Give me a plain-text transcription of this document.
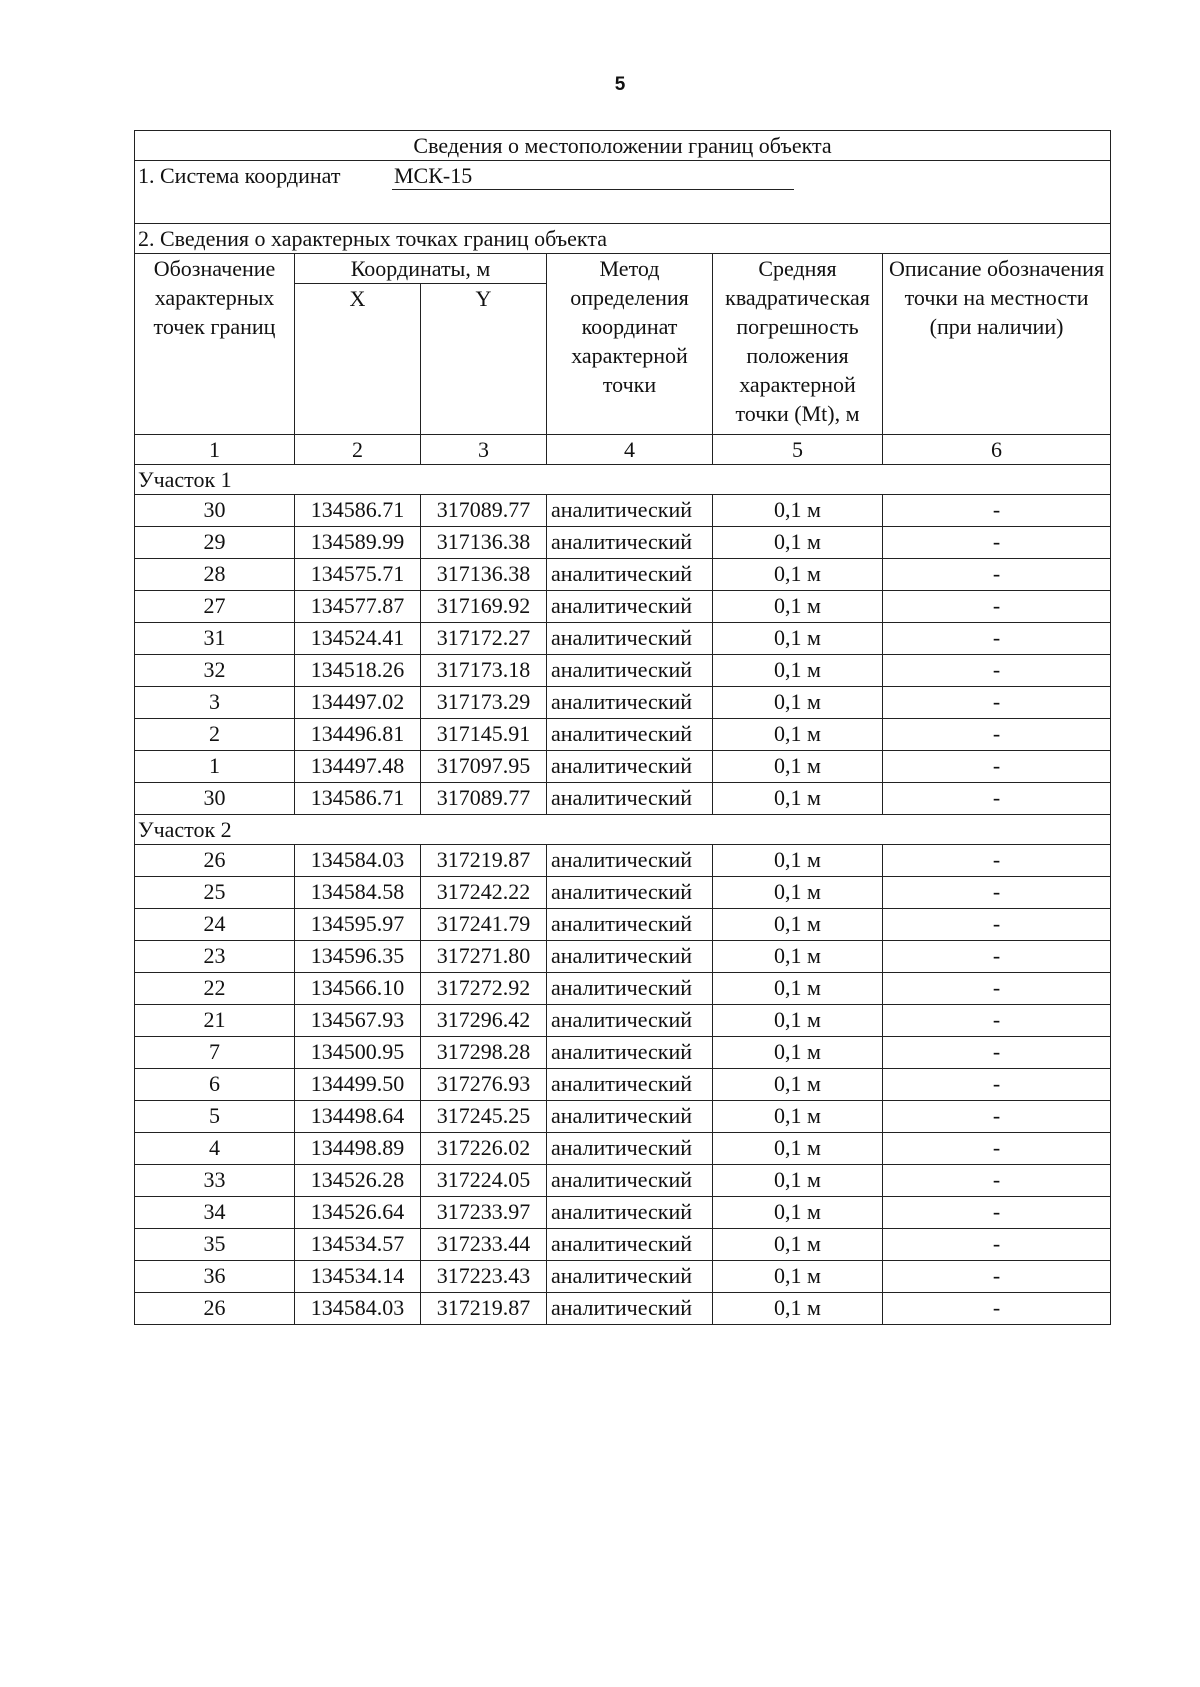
5
Сведения о местоположении границ объекта					
1. Система координат МСК-15					
2. Сведения о характерных точках границ объекта					
Обозначение характерных точек границ	Координаты, м		Метод определения координат характерной точки	Средняя квадратическая погрешность положения характерной точки (Mt), м	Описание обозначения точки на местности (при наличии)
	X	Y			
1	2	3	4	5	6
Участок 1					
30	134586.71	317089.77	аналитический	0,1 м	-
29	134589.99	317136.38	аналитический	0,1 м	-
28	134575.71	317136.38	аналитический	0,1 м	-
27	134577.87	317169.92	аналитический	0,1 м	-
31	134524.41	317172.27	аналитический	0,1 м	-
32	134518.26	317173.18	аналитический	0,1 м	-
3	134497.02	317173.29	аналитический	0,1 м	-
2	134496.81	317145.91	аналитический	0,1 м	-
1	134497.48	317097.95	аналитический	0,1 м	-
30	134586.71	317089.77	аналитический	0,1 м	-
Участок 2					
26	134584.03	317219.87	аналитический	0,1 м	-
25	134584.58	317242.22	аналитический	0,1 м	-
24	134595.97	317241.79	аналитический	0,1 м	-
23	134596.35	317271.80	аналитический	0,1 м	-
22	134566.10	317272.92	аналитический	0,1 м	-
21	134567.93	317296.42	аналитический	0,1 м	-
7	134500.95	317298.28	аналитический	0,1 м	-
6	134499.50	317276.93	аналитический	0,1 м	-
5	134498.64	317245.25	аналитический	0,1 м	-
4	134498.89	317226.02	аналитический	0,1 м	-
33	134526.28	317224.05	аналитический	0,1 м	-
34	134526.64	317233.97	аналитический	0,1 м	-
35	134534.57	317233.44	аналитический	0,1 м	-
36	134534.14	317223.43	аналитический	0,1 м	-
26	134584.03	317219.87	аналитический	0,1 м	-
